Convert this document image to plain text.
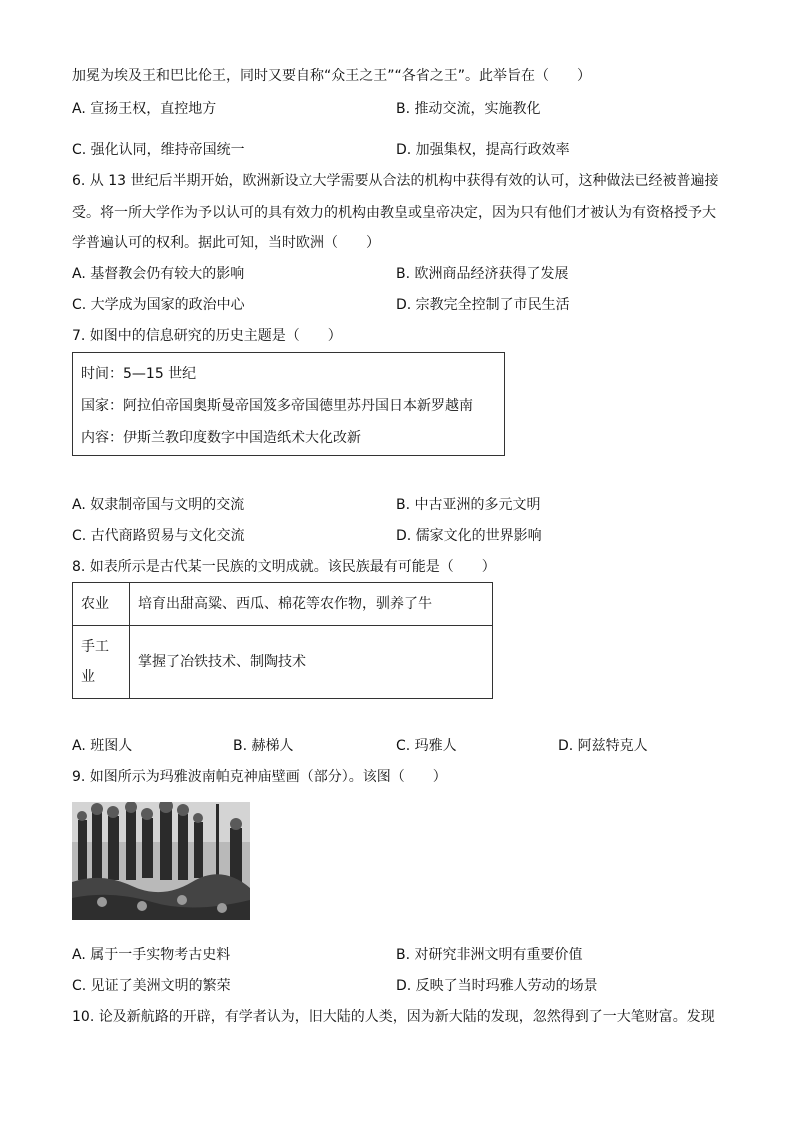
加冕为埃及王和巴比伦王，同时又要自称“众王之王”“各省之王”。此举旨在（　　）
A. 宣扬王权，直控地方	B. 推动交流，实施教化
C. 强化认同，维持帝国统一	D. 加强集权，提高行政效率
6. 从 13 世纪后半期开始，欧洲新设立大学需要从合法的机构中获得有效的认可，这种做法已经被普遍接
受。将一所大学作为予以认可的具有效力的机构由教皇或皇帝决定，因为只有他们才被认为有资格授予大
学普遍认可的权利。据此可知，当时欧洲（　　）
A. 基督教会仍有较大的影响	B. 欧洲商品经济获得了发展
C. 大学成为国家的政治中心	D. 宗教完全控制了市民生活
7. 如图中的信息研究的历史主题是（　　）
时间：5—15 世纪
国家：阿拉伯帝国奥斯曼帝国笈多帝国德里苏丹国日本新罗越南
内容：伊斯兰教印度数字中国造纸术大化改新
A. 奴隶制帝国与文明的交流	B. 中古亚洲的多元文明
C. 古代商路贸易与文化交流	D. 儒家文化的世界影响
8. 如表所示是古代某一民族的文明成就。该民族最有可能是（　　）
农业	培育出甜高粱、西瓜、棉花等农作物，驯养了牛
手工业	掌握了冶铁技术、制陶技术
A. 班图人	B. 赫梯人	C. 玛雅人	D. 阿兹特克人
9. 如图所示为玛雅波南帕克神庙壁画（部分）。该图（　　）
A. 属于一手实物考古史料	B. 对研究非洲文明有重要价值
C. 见证了美洲文明的繁荣	D. 反映了当时玛雅人劳动的场景
10. 论及新航路的开辟，有学者认为，旧大陆的人类，因为新大陆的发现，忽然得到了一大笔财富。发现
